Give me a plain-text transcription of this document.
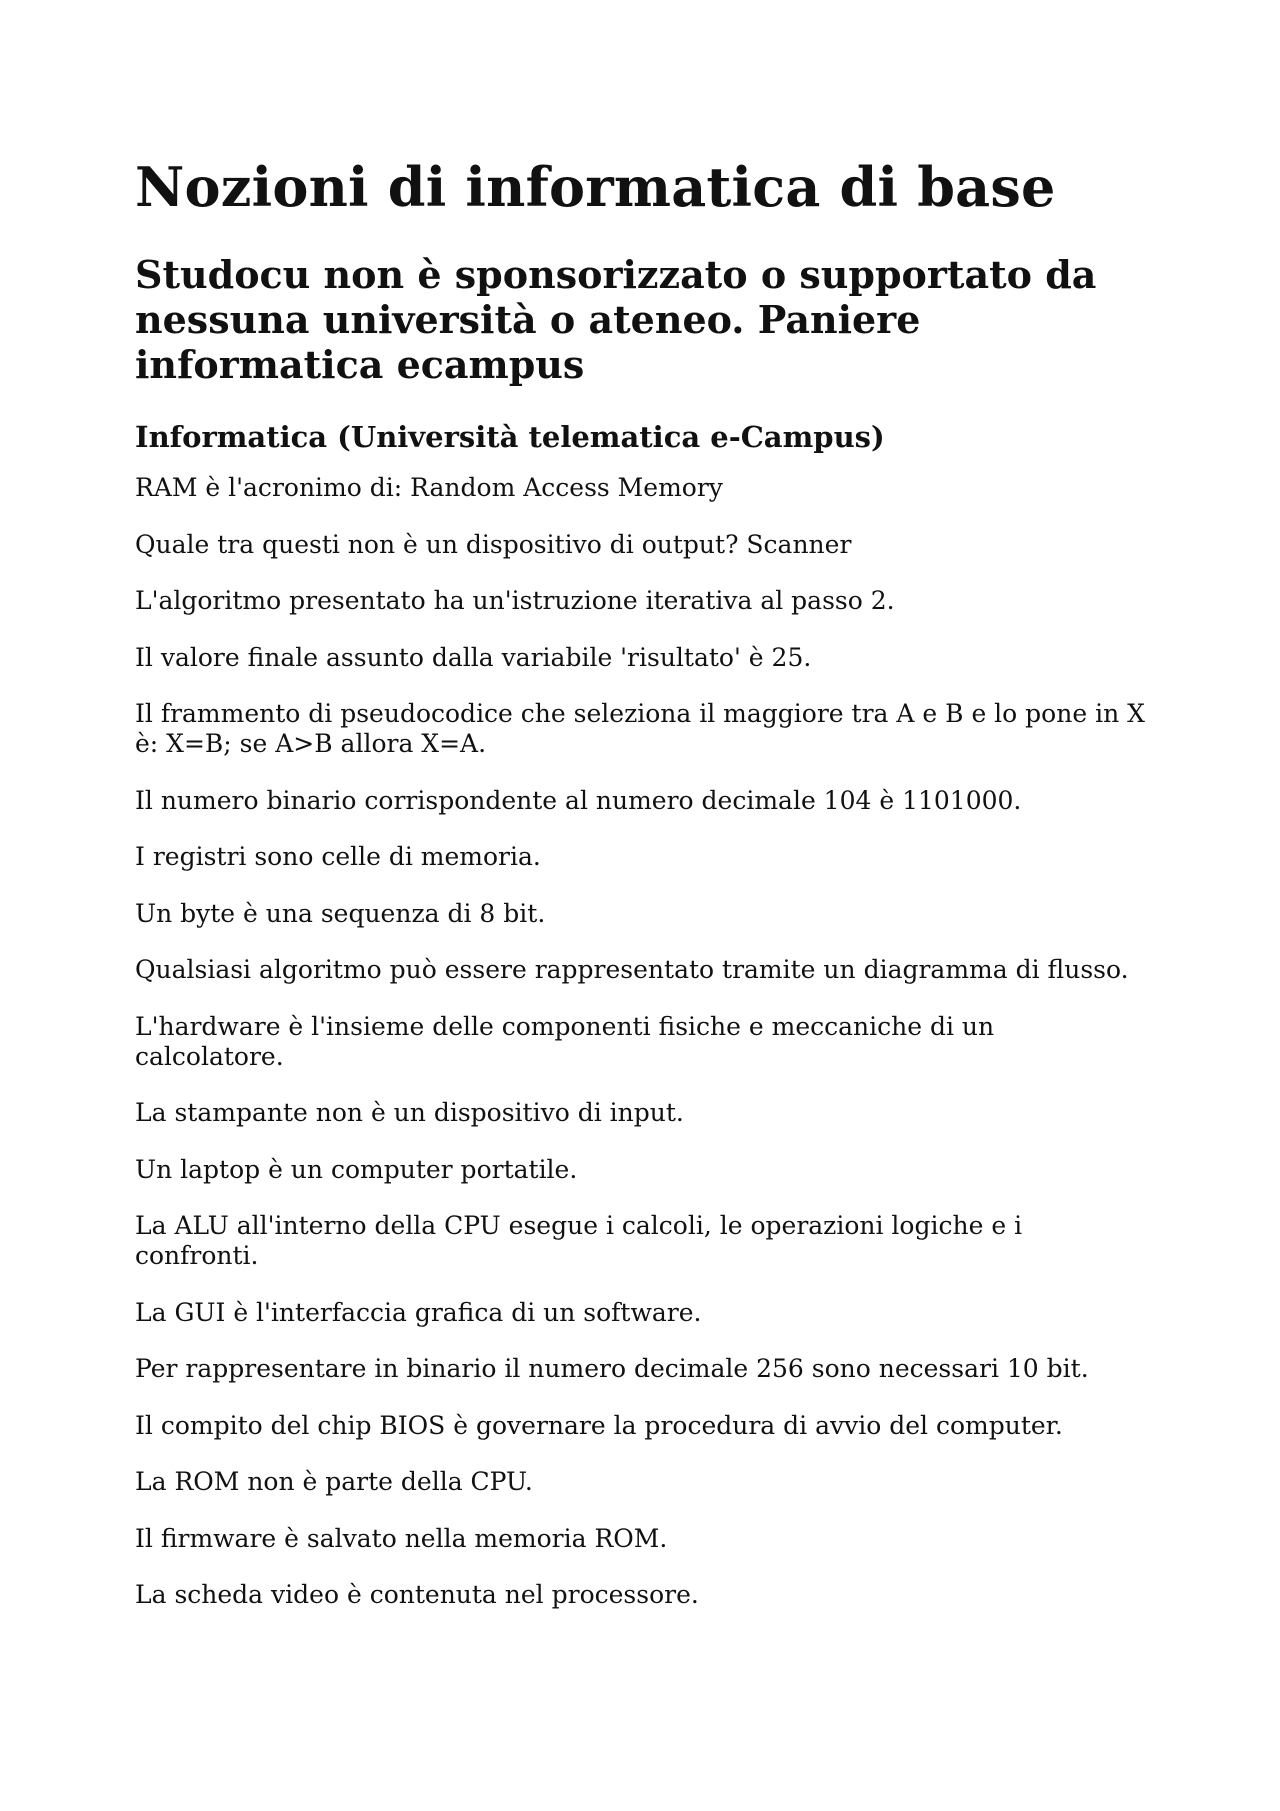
Nozioni di informatica di base
Studocu non è sponsorizzato o supportato da nessuna università o ateneo. Paniere informatica ecampus
Informatica (Università telematica e-Campus)

RAM è l'acronimo di: Random Access Memory

Quale tra questi non è un dispositivo di output? Scanner

L'algoritmo presentato ha un'istruzione iterativa al passo 2.

Il valore finale assunto dalla variabile 'risultato' è 25.

Il frammento di pseudocodice che seleziona il maggiore tra A e B e lo pone in X è: X=B; se A>B allora X=A.

Il numero binario corrispondente al numero decimale 104 è 1101000.

I registri sono celle di memoria.

Un byte è una sequenza di 8 bit.

Qualsiasi algoritmo può essere rappresentato tramite un diagramma di flusso.

L'hardware è l'insieme delle componenti fisiche e meccaniche di un calcolatore.

La stampante non è un dispositivo di input.

Un laptop è un computer portatile.

La ALU all'interno della CPU esegue i calcoli, le operazioni logiche e i confronti.

La GUI è l'interfaccia grafica di un software.

Per rappresentare in binario il numero decimale 256 sono necessari 10 bit.

Il compito del chip BIOS è governare la procedura di avvio del computer.

La ROM non è parte della CPU.

Il firmware è salvato nella memoria ROM.

La scheda video è contenuta nel processore.
